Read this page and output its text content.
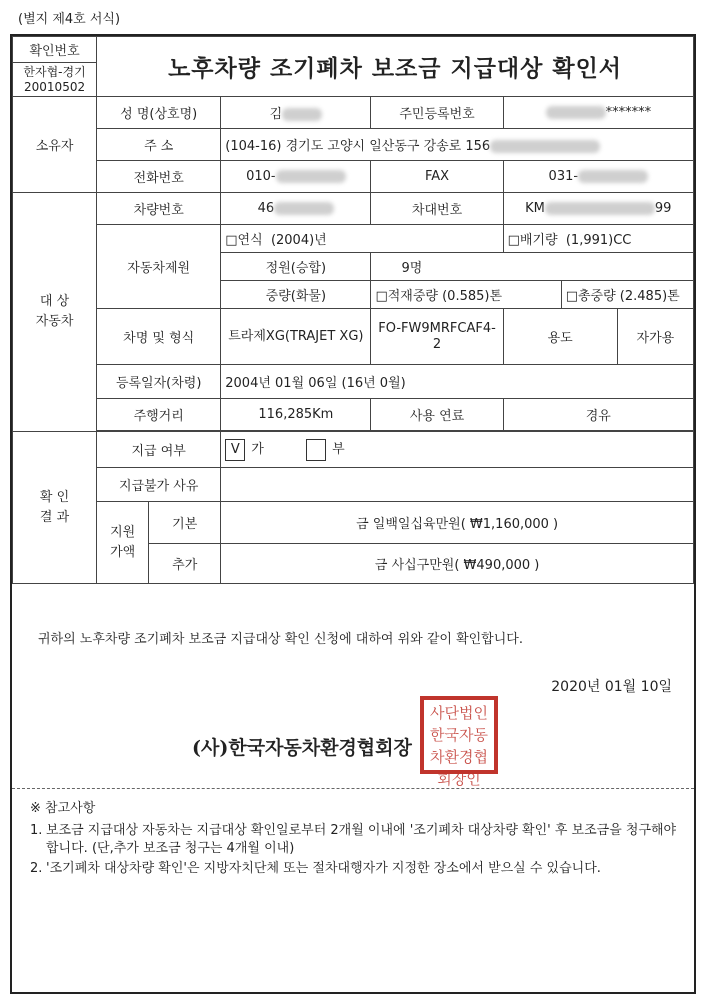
(별지 제4호 서식)
확인번호	노후차량 조기폐차 보조금 지급대상 확인서						

한자협-경기
20010502							

소유자	성 명(상호명)		김	주민등록번호	*******		
	주 소		(104-16) 경기도 고양시 일산동구 강송로 156				
	전화번호		010-	FAX	031-		

대 상
자동차	차량번호		46	차대번호	KM 99		
	자동차제원		□연식 (2004)년		□배기량 (1,991)CC		
			정원(승합)	9명			
			중량(화물)	□적재중량 (0.585)톤		□총중량 (2.485)톤	
	차명 및 형식		트라제XG(TRAJET XG)	FO-FW9MRFCAF4-2	용도		자가용
	등록일자(차령)		2004년 01월 06일 (16년 0월)				
	주행거리		116,285Km	사용 연료	경유		

확 인
결 과	지급 여부		V 가 부				
	지급불가 사유						

	지원
가액	기본	금 일백일십육만원( ₩1,160,000 )				
		추가	금 사십구만원( ₩490,000 )				
귀하의 노후차량 조기폐차 보조금 지급대상 확인 신청에 대하여 위와 같이 확인합니다.
2020년 01월 10일
(사)한국자동차환경협회장
사단법인한국자동차환경협회장인
※ 참고사항
1. 보조금 지급대상 자동차는 지급대상 확인일로부터 2개월 이내에 '조기폐차 대상차량 확인' 후 보조금을 청구해야 합니다. (단,추가 보조금 청구는 4개월 이내)
2. '조기폐차 대상차량 확인'은 지방자치단체 또는 절차대행자가 지정한 장소에서 받으실 수 있습니다.
